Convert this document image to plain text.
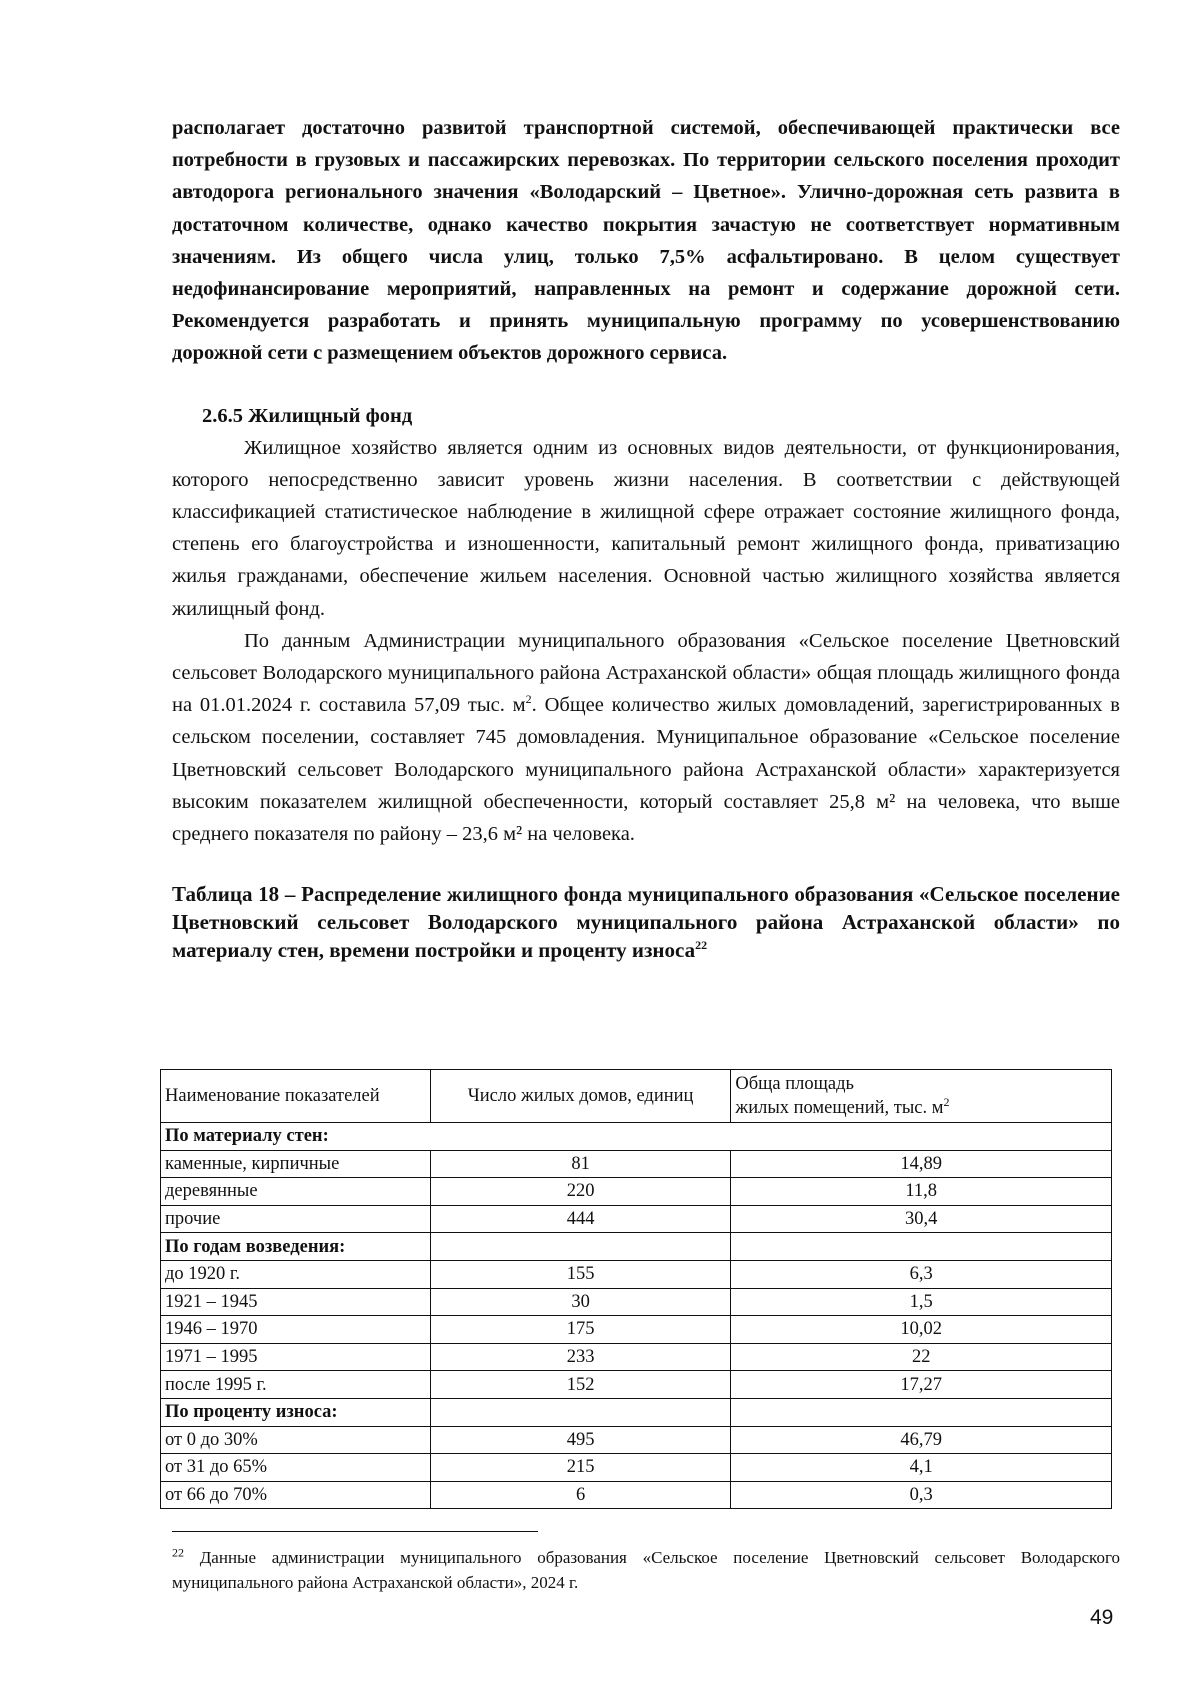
располагает достаточно развитой транспортной системой, обеспечивающей практически все потребности в грузовых и пассажирских перевозках. По территории сельского поселения проходит автодорога регионального значения «Володарский – Цветное». Улично-дорожная сеть развита в достаточном количестве, однако качество покрытия зачастую не соответствует нормативным значениям. Из общего числа улиц, только 7,5% асфальтировано. В целом существует недофинансирование мероприятий, направленных на ремонт и содержание дорожной сети. Рекомендуется разработать и принять муниципальную программу по усовершенствованию дорожной сети с размещением объектов дорожного сервиса.

2.6.5 Жилищный фонд

Жилищное хозяйство является одним из основных видов деятельности, от функционирования, которого непосредственно зависит уровень жизни населения. В соответствии с действующей классификацией статистическое наблюдение в жилищной сфере отражает состояние жилищного фонда, степень его благоустройства и изношенности, капитальный ремонт жилищного фонда, приватизацию жилья гражданами, обеспечение жильем населения. Основной частью жилищного хозяйства является жилищный фонд.

По данным Администрации муниципального образования «Сельское поселение Цветновский сельсовет Володарского муниципального района Астраханской области» общая площадь жилищного фонда на 01.01.2024 г. составила 57,09 тыс. $м^2$. Общее количество жилых домовладений, зарегистрированных в сельском поселении, составляет 745 домовладения. Муниципальное образование «Сельское поселение Цветновский сельсовет Володарского муниципального района Астраханской области» характеризуется высоким показателем жилищной обеспеченности, который составляет 25,8 м² на человека, что выше среднего показателя по району – 23,6 м² на человека.

Таблица 18 – Распределение жилищного фонда муниципального образования «Сельское поселение Цветновский сельсовет Володарского муниципального района Астраханской области» по материалу стен, времени постройки и проценту износа$^{22}$
Наименование показателей	Число жилых домов, единиц	Обща площадь
жилых помещений, тыс. $м^2$
По материалу стен:		
каменные, кирпичные	81	14,89
деревянные	220	11,8
прочие	444	30,4
По годам возведения:		
до 1920 г.	155	6,3
1921 – 1945	30	1,5
1946 – 1970	175	10,02
1971 – 1995	233	22
после 1995 г.	152	17,27
По проценту износа:		
от 0 до 30%	495	46,79
от 31 до 65%	215	4,1
от 66 до 70%	6	0,3
$^{22}$ Данные администрации муниципального образования «Сельское поселение Цветновский сельсовет Володарского муниципального района Астраханской области», 2024 г.
49
